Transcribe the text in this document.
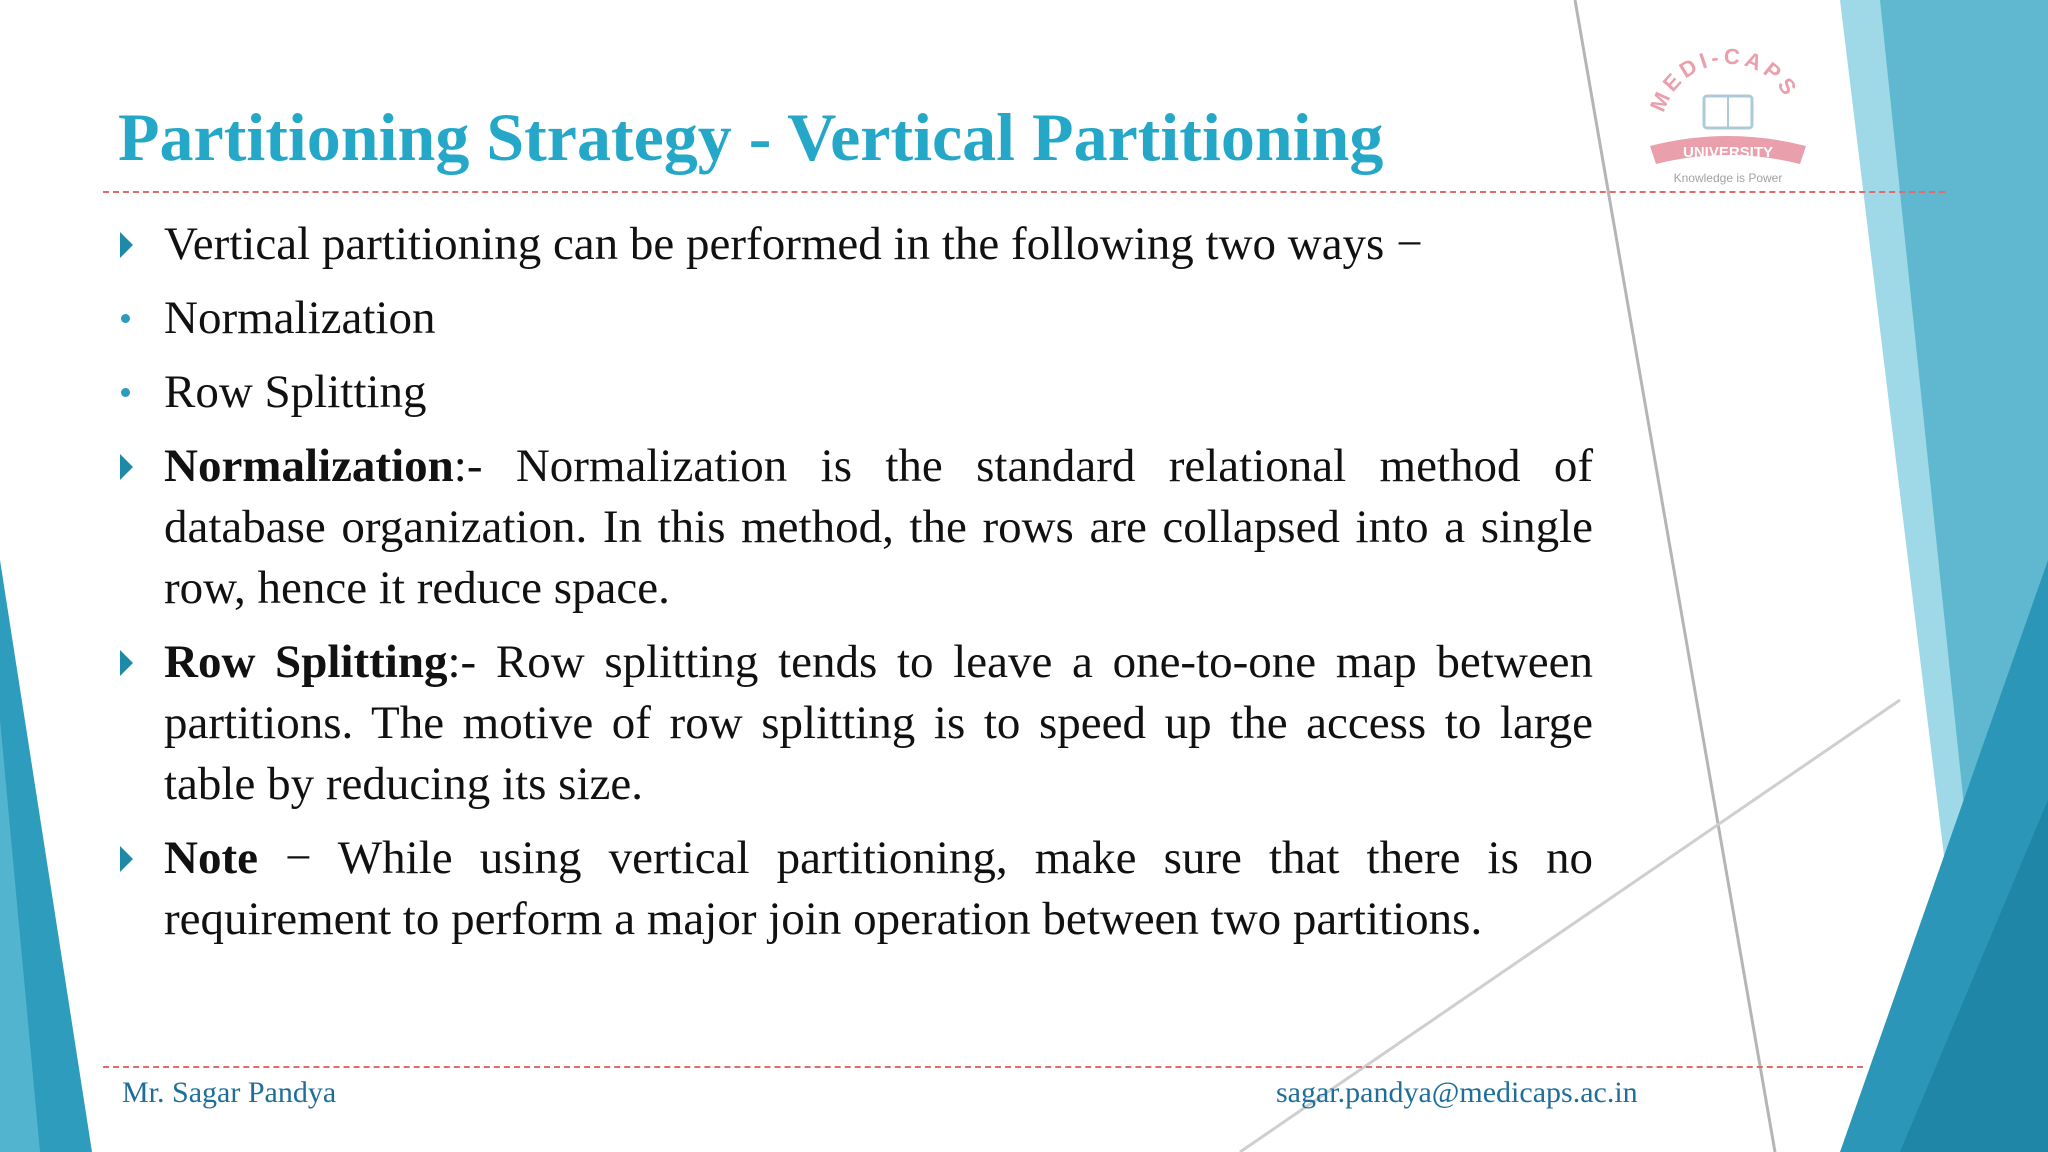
MEDI-CAPS
UNIVERSITY
Knowledge is Power
Partitioning Strategy - Vertical Partitioning
Vertical partitioning can be performed in the following two ways −
Normalization
Row Splitting
Normalization:- Normalization is the standard relational method of database organization. In this method, the rows are collapsed into a single row, hence it reduce space.
Row Splitting:- Row splitting tends to leave a one-to-one map between partitions. The motive of row splitting is to speed up the access to large table by reducing its size.
Note − While using vertical partitioning, make sure that there is no requirement to perform a major join operation between two partitions.
Mr. Sagar Pandya	sagar.pandya@medicaps.ac.in
